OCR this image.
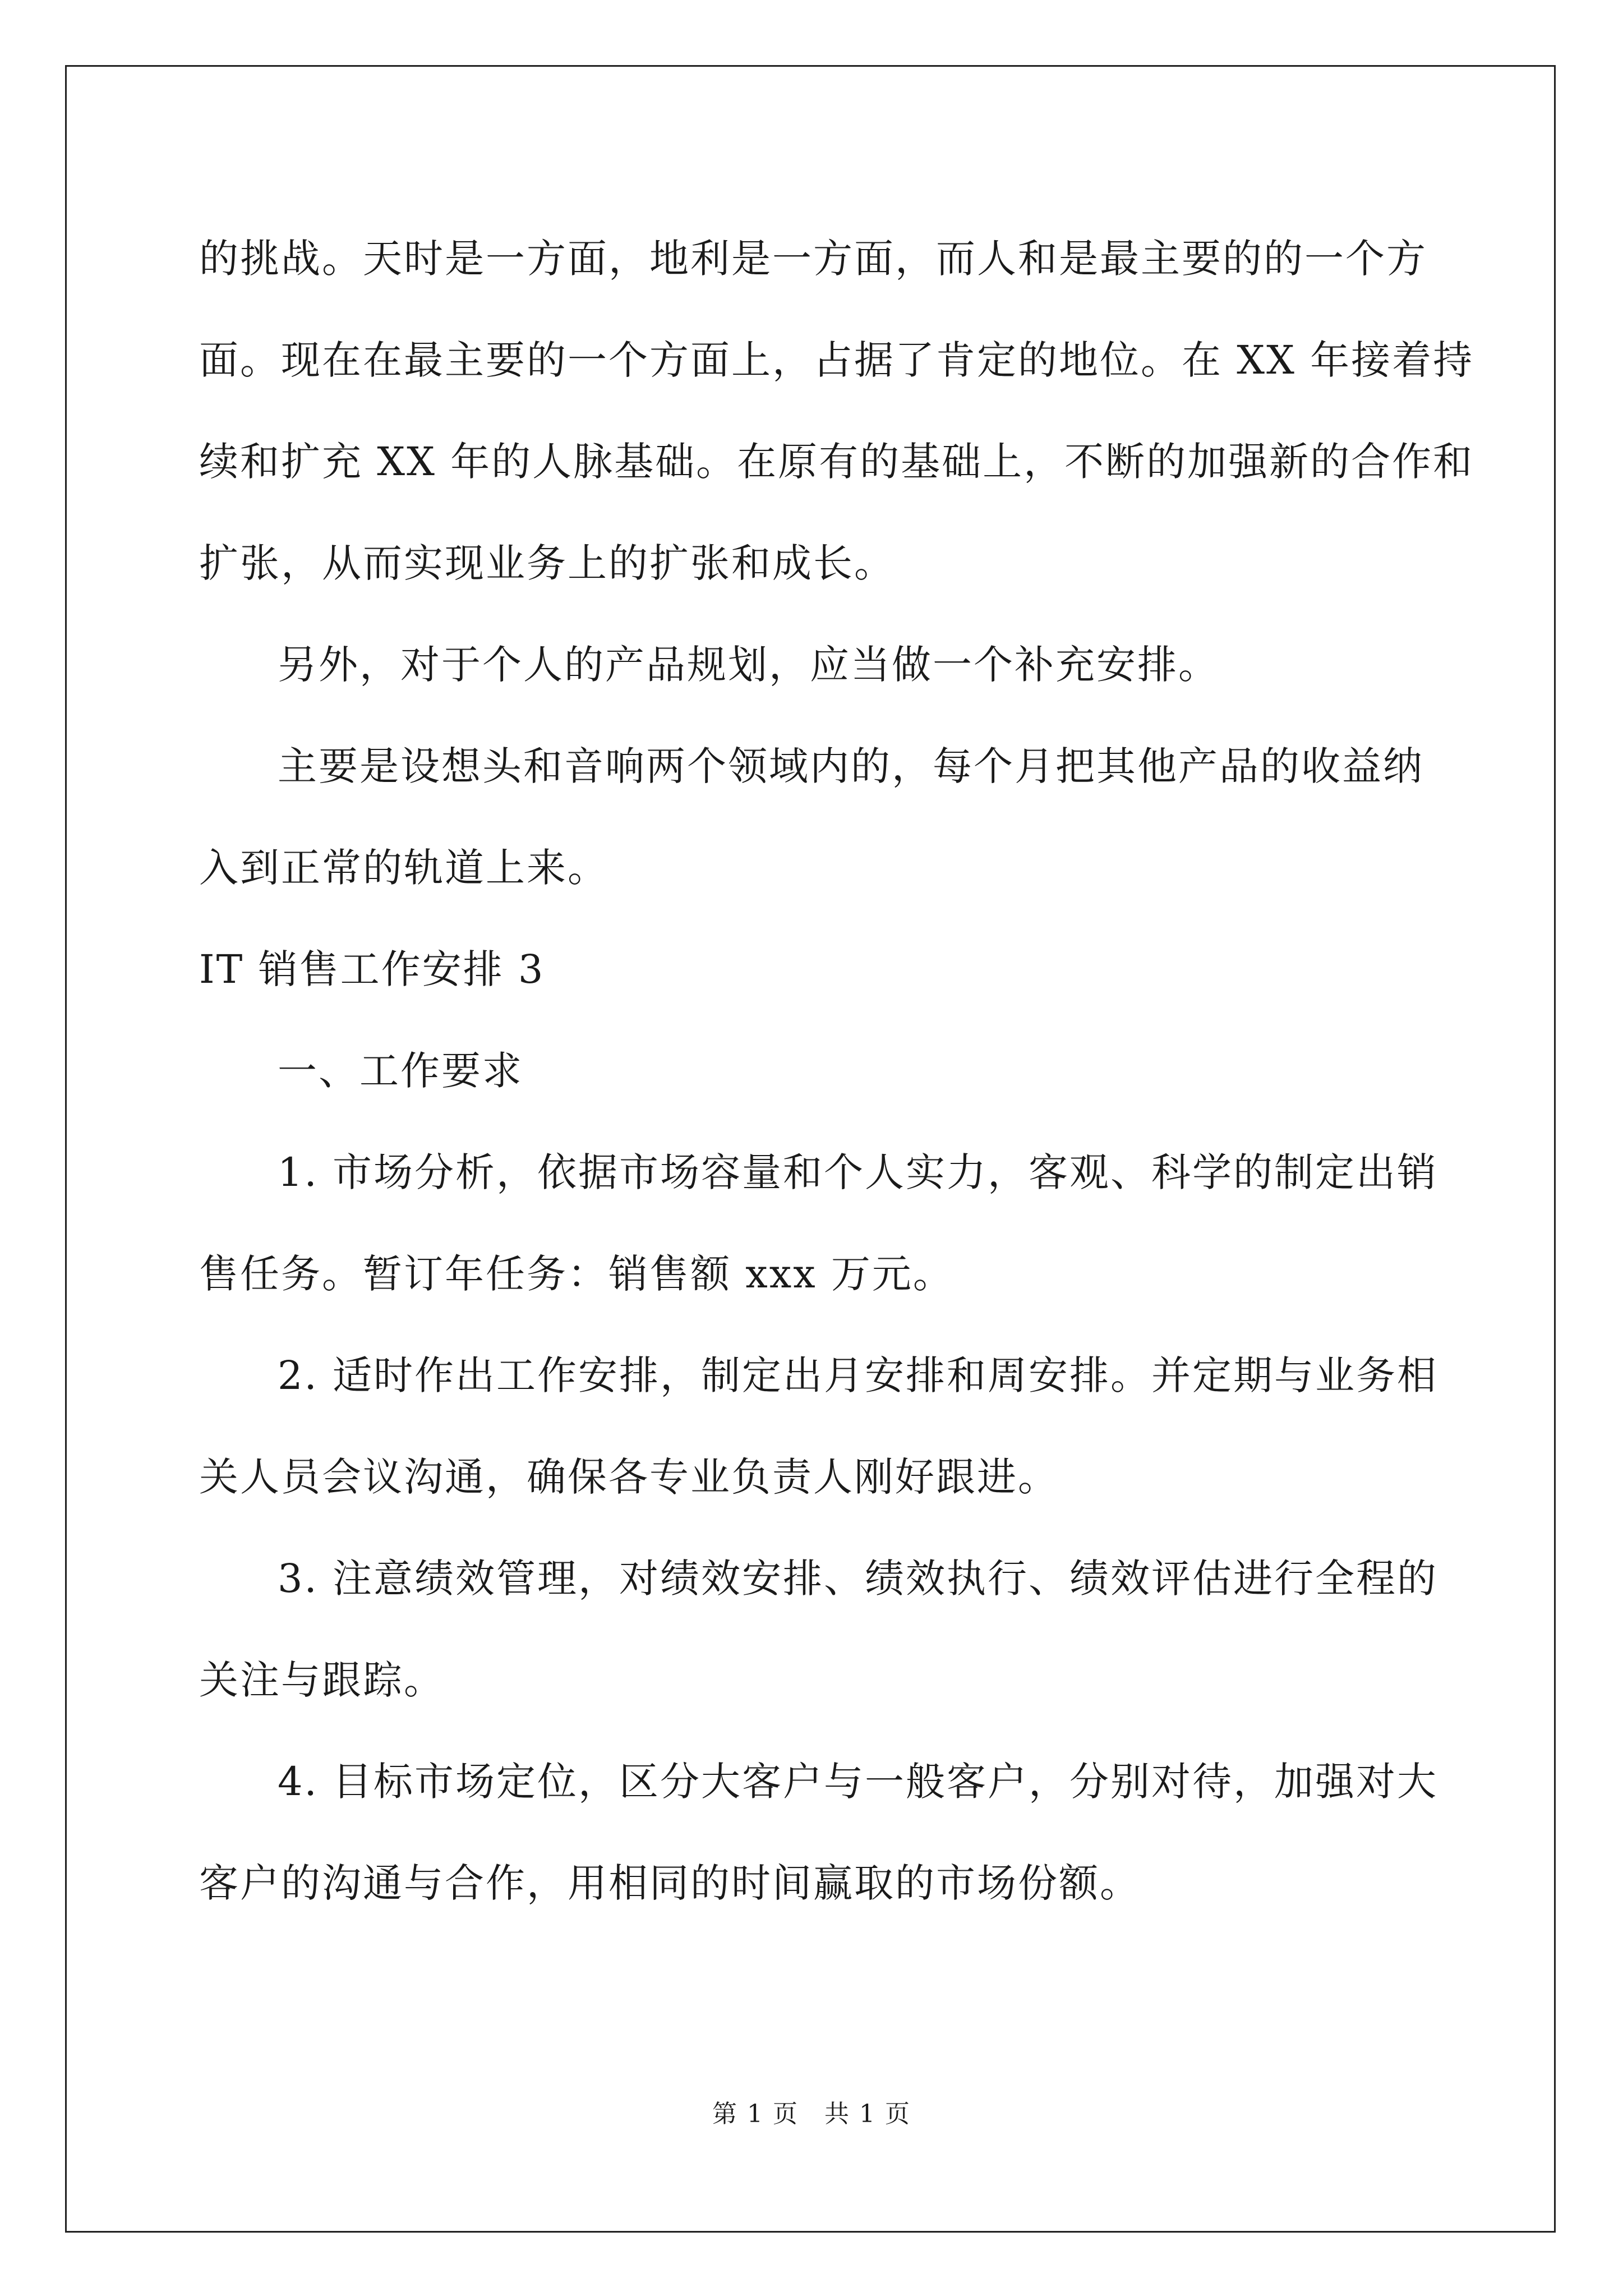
的挑战。天时是一方面，地利是一方面，而人和是最主要的的一个方

面。现在在最主要的一个方面上，占据了肯定的地位。在 XX 年接着持

续和扩充 XX 年的人脉基础。在原有的基础上，不断的加强新的合作和

扩张，从而实现业务上的扩张和成长。

另外，对于个人的产品规划，应当做一个补充安排。

主要是设想头和音响两个领域内的，每个月把其他产品的收益纳

入到正常的轨道上来。

IT 销售工作安排 3

一、工作要求

1. 市场分析，依据市场容量和个人实力，客观、科学的制定出销

售任务。暂订年任务：销售额 xxx 万元。

2. 适时作出工作安排，制定出月安排和周安排。并定期与业务相

关人员会议沟通，确保各专业负责人刚好跟进。

3. 注意绩效管理，对绩效安排、绩效执行、绩效评估进行全程的

关注与跟踪。

4. 目标市场定位，区分大客户与一般客户，分别对待，加强对大

客户的沟通与合作，用相同的时间赢取的市场份额。

第 1 页　共 1 页
